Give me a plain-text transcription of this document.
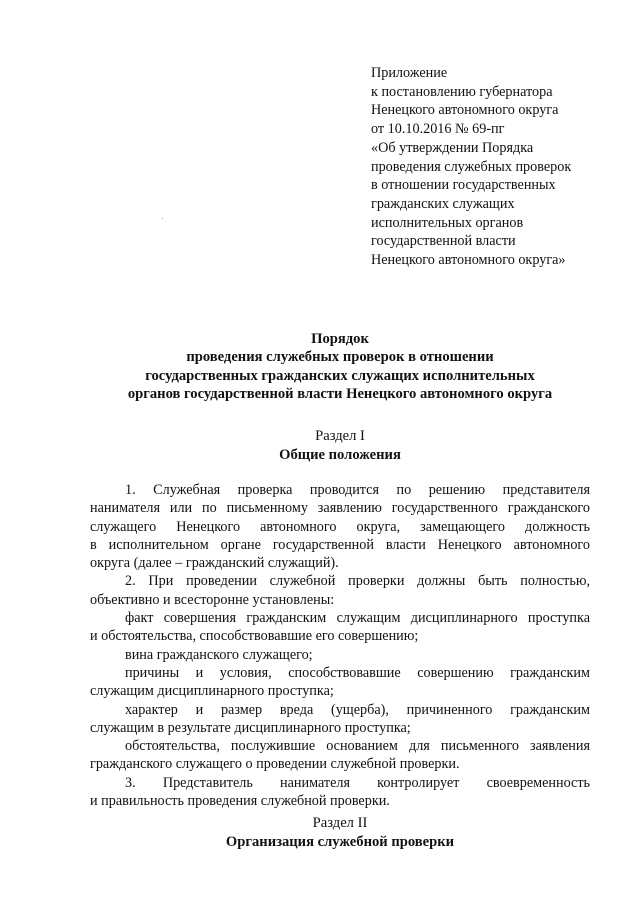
Приложение
к постановлению губернатора
Ненецкого автономного округа
от 10.10.2016 № 69-пг
«Об утверждении Порядка
проведения служебных проверок
в отношении государственных
гражданских служащих
исполнительных органов
государственной власти
Ненецкого автономного округа»
Порядок
проведения служебных проверок в отношении
государственных гражданских служащих исполнительных
органов государственной власти Ненецкого автономного округа
Раздел I
Общие положения
1. Служебная проверка проводится по решению представителя
нанимателя или по письменному заявлению государственного гражданского
служащего Ненецкого автономного округа, замещающего должность
в исполнительном органе государственной власти Ненецкого автономного
округа (далее – гражданский служащий).
2. При проведении служебной проверки должны быть полностью,
объективно и всесторонне установлены:
факт совершения гражданским служащим дисциплинарного проступка
и обстоятельства, способствовавшие его совершению;
вина гражданского служащего;
причины и условия, способствовавшие совершению гражданским
служащим дисциплинарного проступка;
характер и размер вреда (ущерба), причиненного гражданским
служащим в результате дисциплинарного проступка;
обстоятельства, послужившие основанием для письменного заявления
гражданского служащего о проведении служебной проверки.
3. Представитель нанимателя контролирует своевременность
и правильность проведения служебной проверки.
Раздел II
Организация служебной проверки
